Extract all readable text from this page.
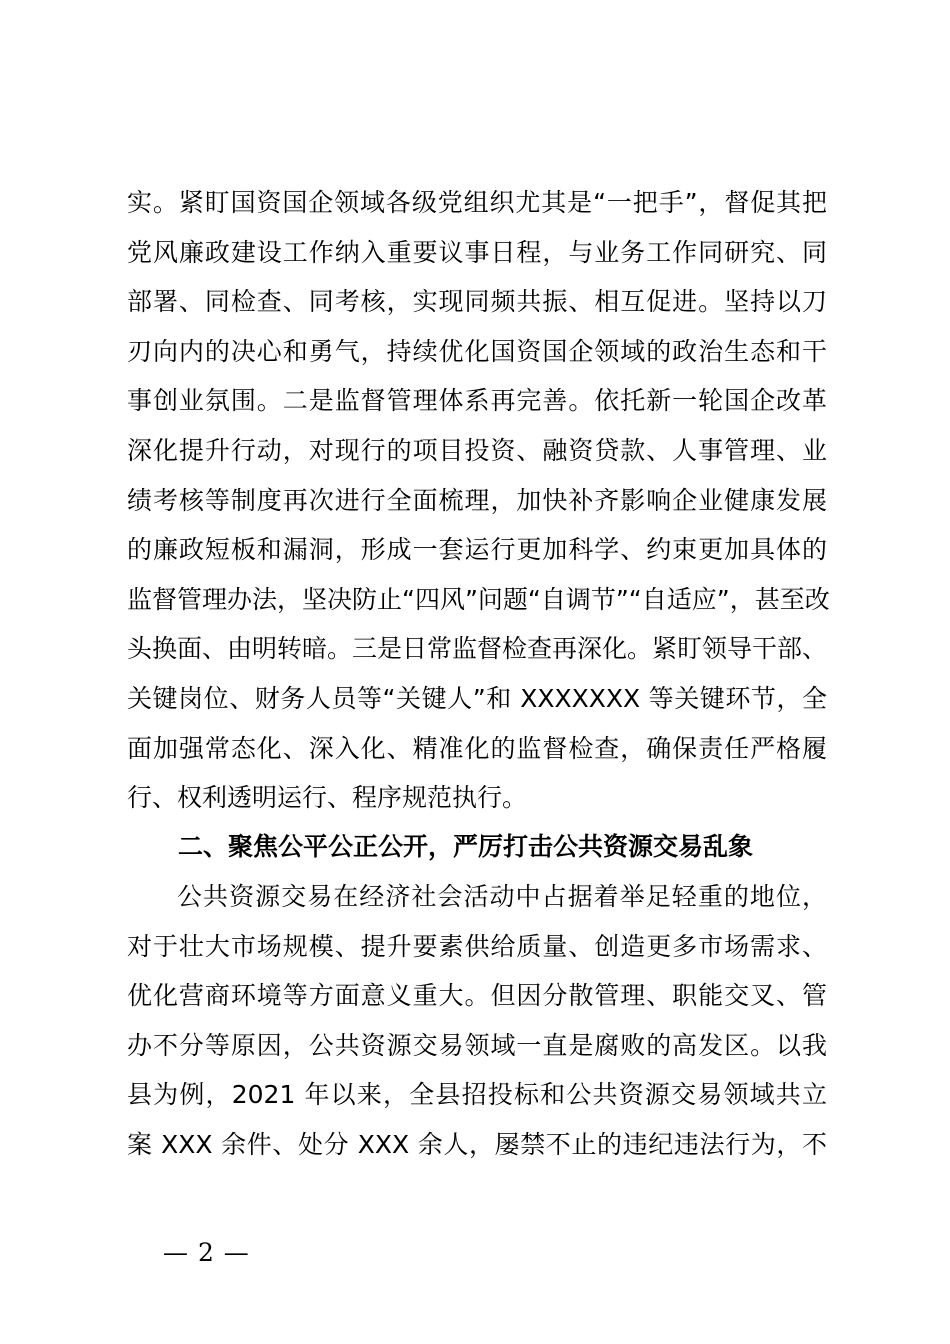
实。紧盯国资国企领域各级党组织尤其是“一把手”，督促其把
党风廉政建设工作纳入重要议事日程，与业务工作同研究、同
部署、同检查、同考核，实现同频共振、相互促进。坚持以刀
刃向内的决心和勇气，持续优化国资国企领域的政治生态和干
事创业氛围。二是监督管理体系再完善。依托新一轮国企改革
深化提升行动，对现行的项目投资、融资贷款、人事管理、业
绩考核等制度再次进行全面梳理，加快补齐影响企业健康发展
的廉政短板和漏洞，形成一套运行更加科学、约束更加具体的
监督管理办法，坚决防止“四风”问题“自调节”“自适应”，甚至改
头换面、由明转暗。三是日常监督检查再深化。紧盯领导干部、
关键岗位、财务人员等“关键人”和 XXXXXXX 等关键环节，全
面加强常态化、深入化、精准化的监督检查，确保责任严格履
行、权利透明运行、程序规范执行。
二、聚焦公平公正公开，严厉打击公共资源交易乱象
公共资源交易在经济社会活动中占据着举足轻重的地位，
对于壮大市场规模、提升要素供给质量、创造更多市场需求、
优化营商环境等方面意义重大。但因分散管理、职能交叉、管
办不分等原因，公共资源交易领域一直是腐败的高发区。以我
县为例，2021 年以来，全县招投标和公共资源交易领域共立
案 XXX 余件、处分 XXX 余人，屡禁不止的违纪违法行为，不
— 2 —
